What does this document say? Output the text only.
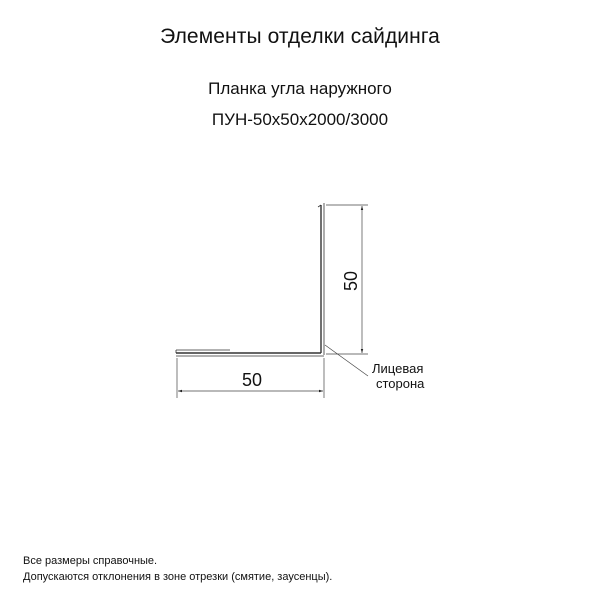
Элементы отделки сайдинга
Планка угла наружного
ПУН-50х50х2000/3000
50
50
Лицевая
сторона
Все размеры справочные.
Допускаются отклонения в зоне отрезки (смятие, заусенцы).
